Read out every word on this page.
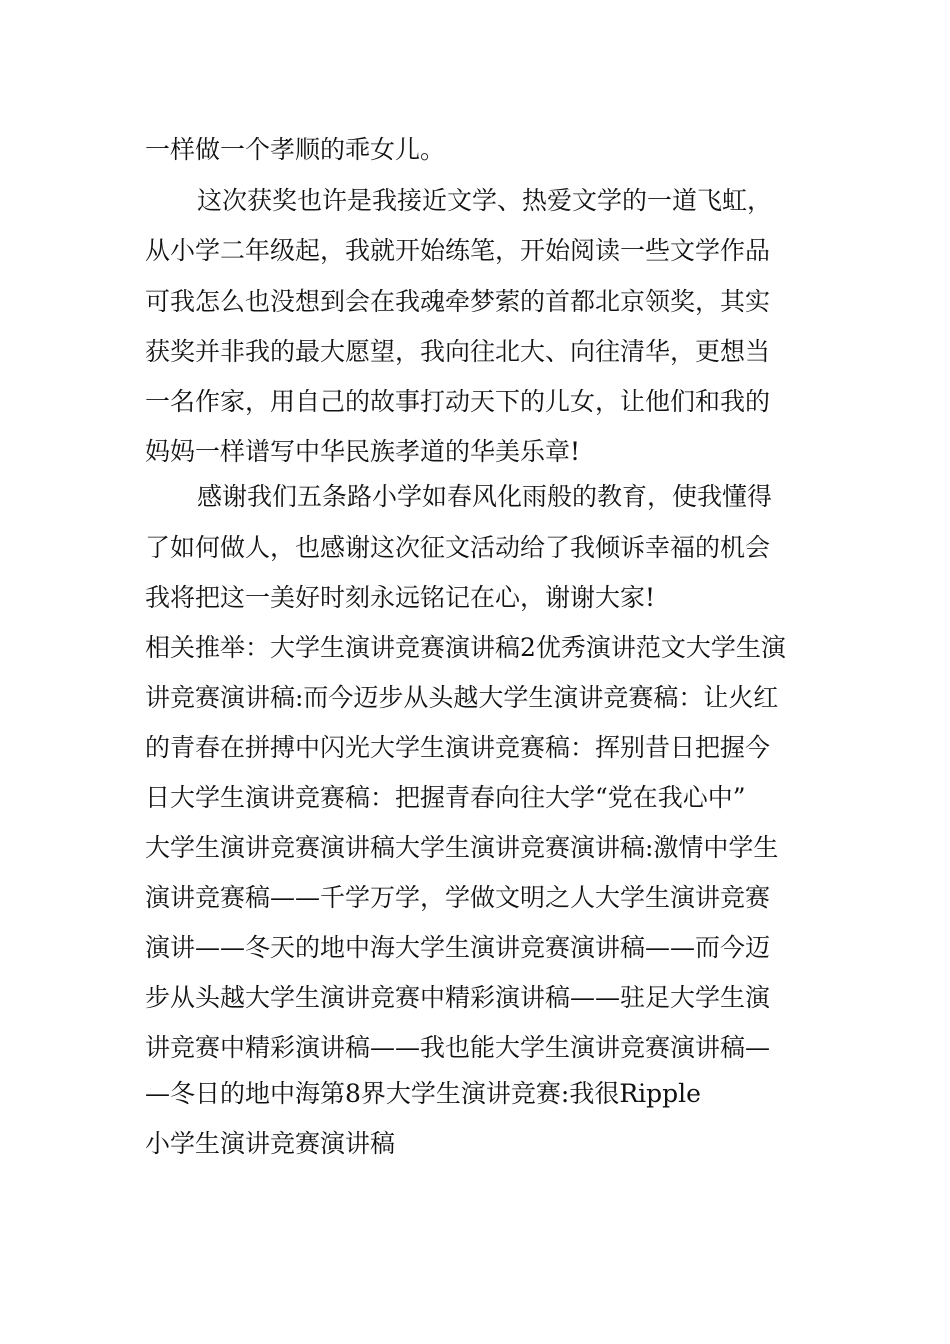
一样做一个孝顺的乖女儿。
这次获奖也许是我接近文学、热爱文学的一道飞虹，
从小学二年级起，我就开始练笔，开始阅读一些文学作品
可我怎么也没想到会在我魂牵梦萦的首都北京领奖，其实
获奖并非我的最大愿望，我向往北大、向往清华，更想当
一名作家，用自己的故事打动天下的儿女，让他们和我的
妈妈一样谱写中华民族孝道的华美乐章!
感谢我们五条路小学如春风化雨般的教育，使我懂得
了如何做人，也感谢这次征文活动给了我倾诉幸福的机会
我将把这一美好时刻永远铭记在心，谢谢大家!
相关推举：大学生演讲竞赛演讲稿2优秀演讲范文大学生演
讲竞赛演讲稿:而今迈步从头越大学生演讲竞赛稿：让火红
的青春在拼搏中闪光大学生演讲竞赛稿：挥别昔日把握今
日大学生演讲竞赛稿：把握青春向往大学“党在我心中”
大学生演讲竞赛演讲稿大学生演讲竞赛演讲稿:激情中学生
演讲竞赛稿——千学万学，学做文明之人大学生演讲竞赛
演讲——冬天的地中海大学生演讲竞赛演讲稿——而今迈
步从头越大学生演讲竞赛中精彩演讲稿——驻足大学生演
讲竞赛中精彩演讲稿——我也能大学生演讲竞赛演讲稿—
—冬日的地中海第8界大学生演讲竞赛:我很Ripple
小学生演讲竞赛演讲稿
